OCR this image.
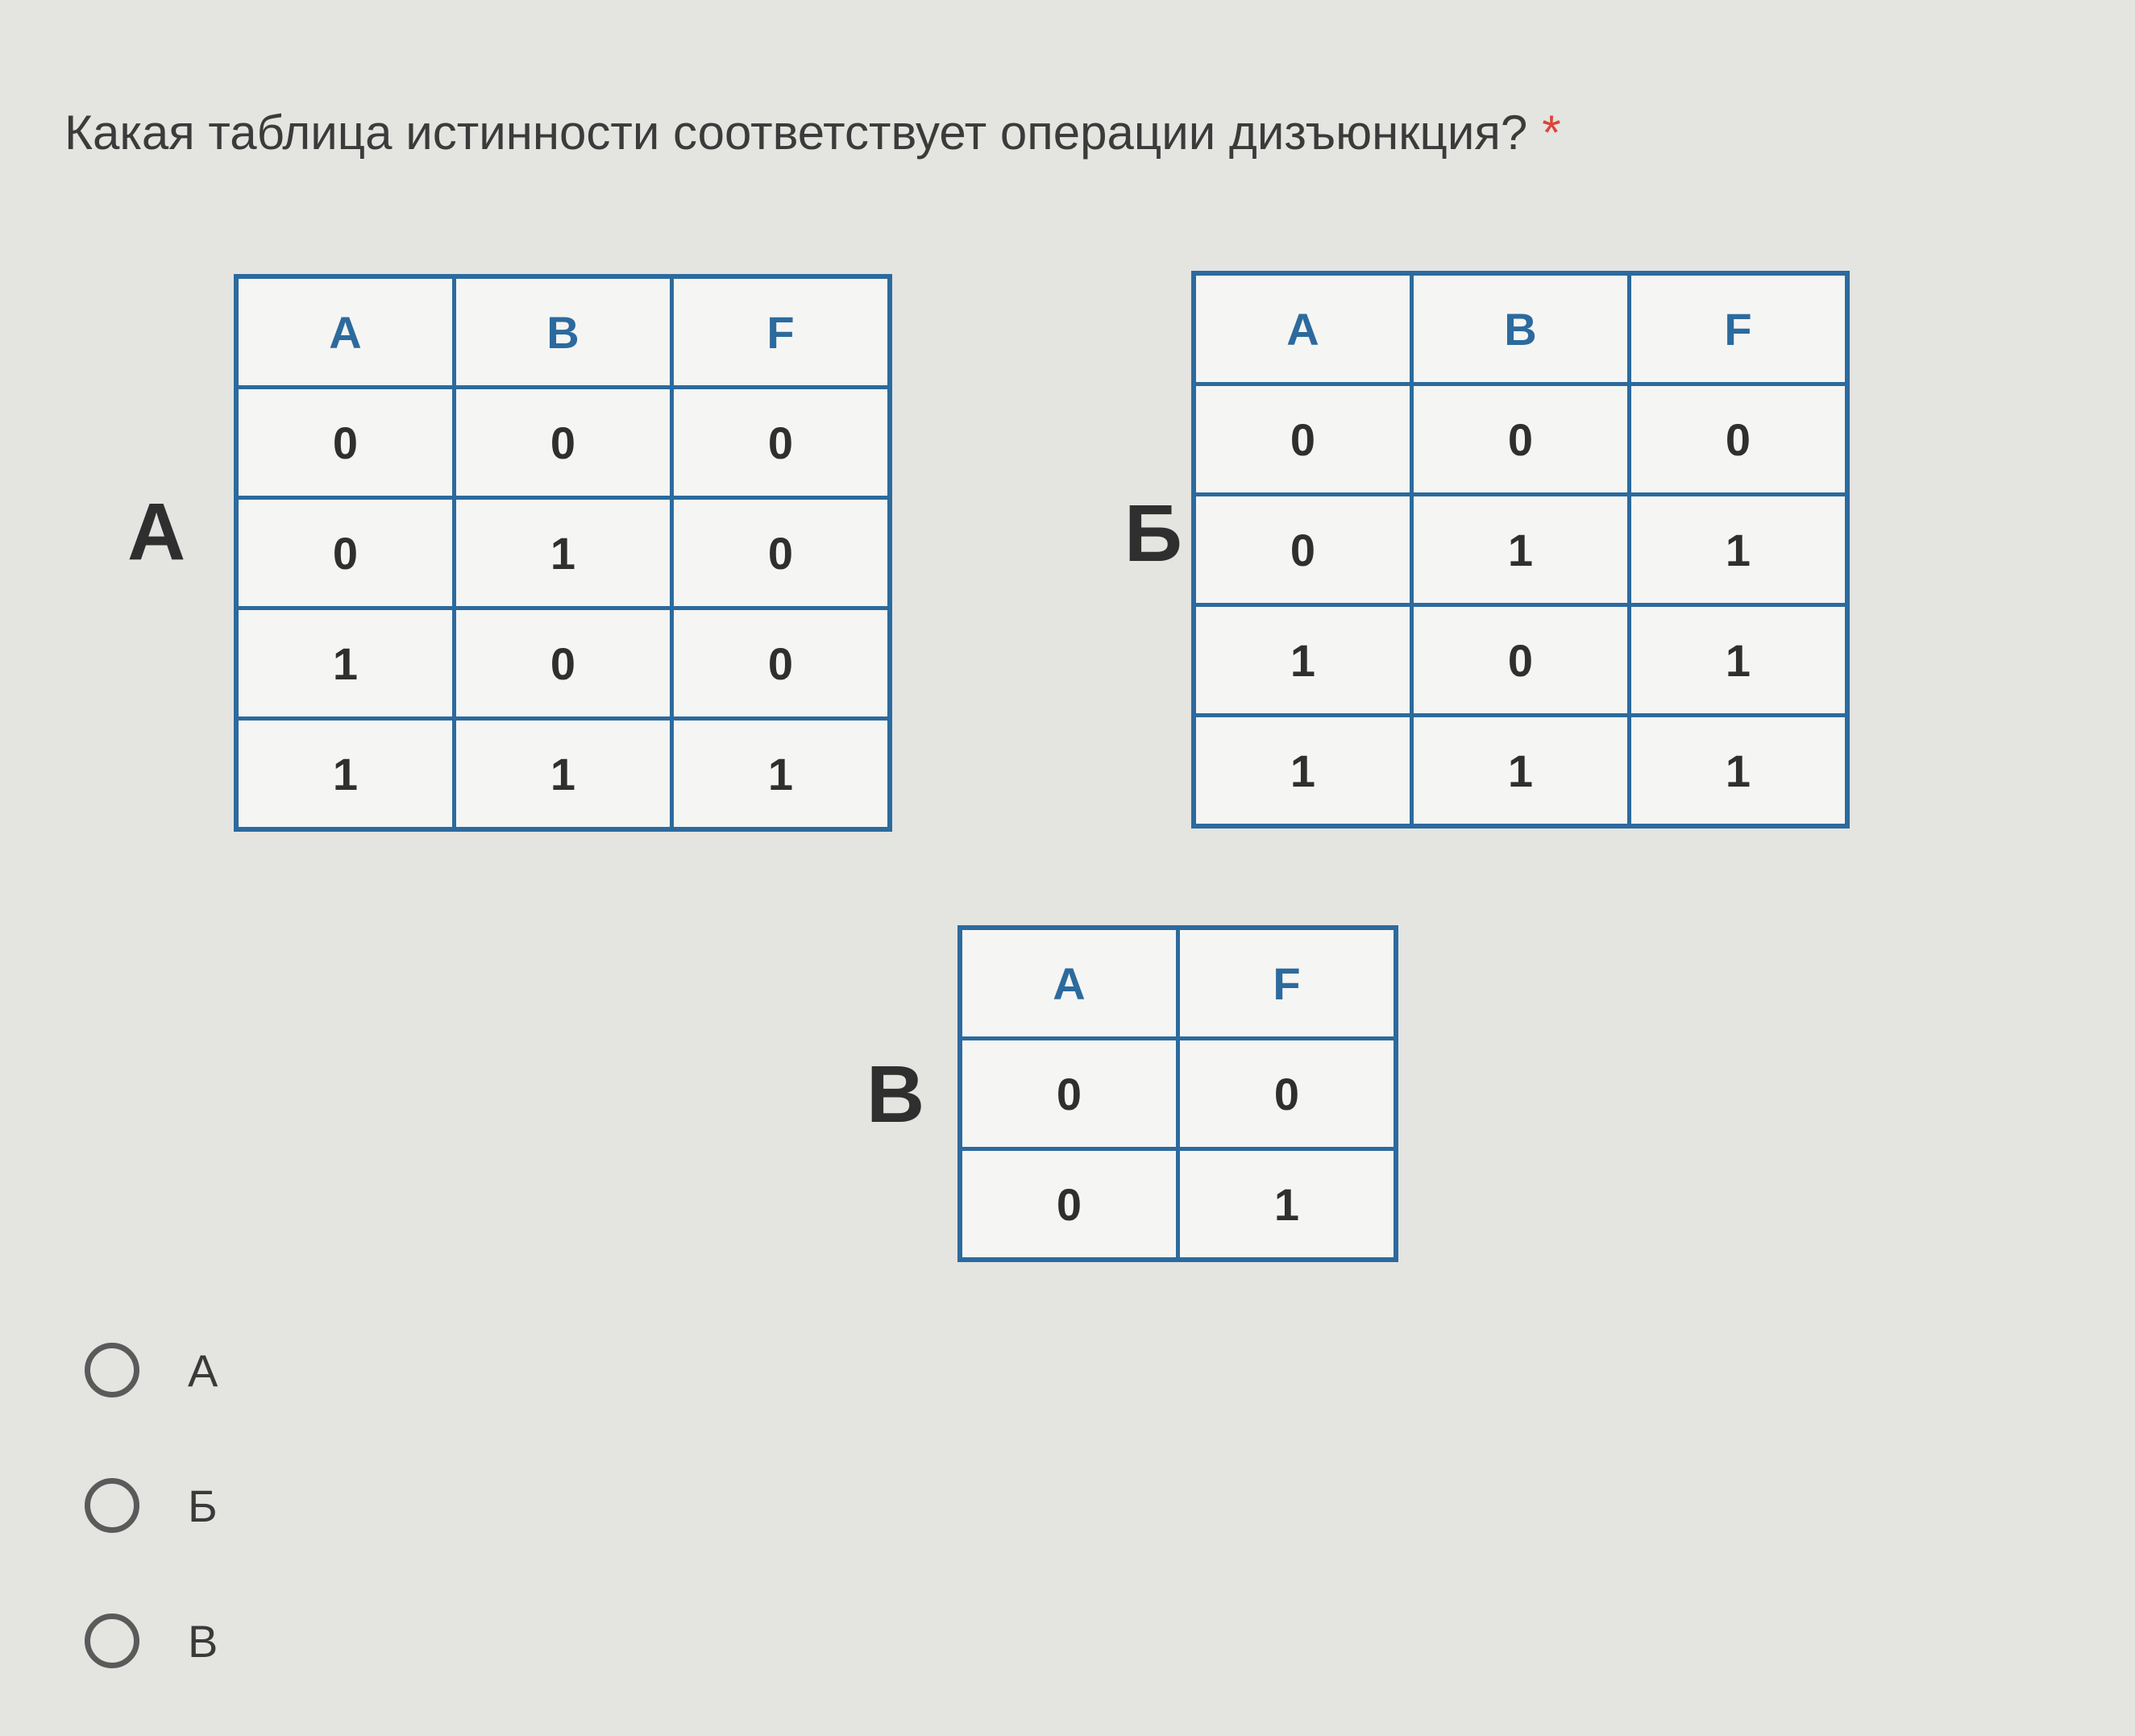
Какая таблица истинности соответствует операции дизъюнкция? *
А
A	B	F
0	0	0
0	1	0
1	0	0
1	1	1
Б
A	B	F
0	0	0
0	1	1
1	0	1
1	1	1
В
A	F
0	0
0	1
А
Б
В
